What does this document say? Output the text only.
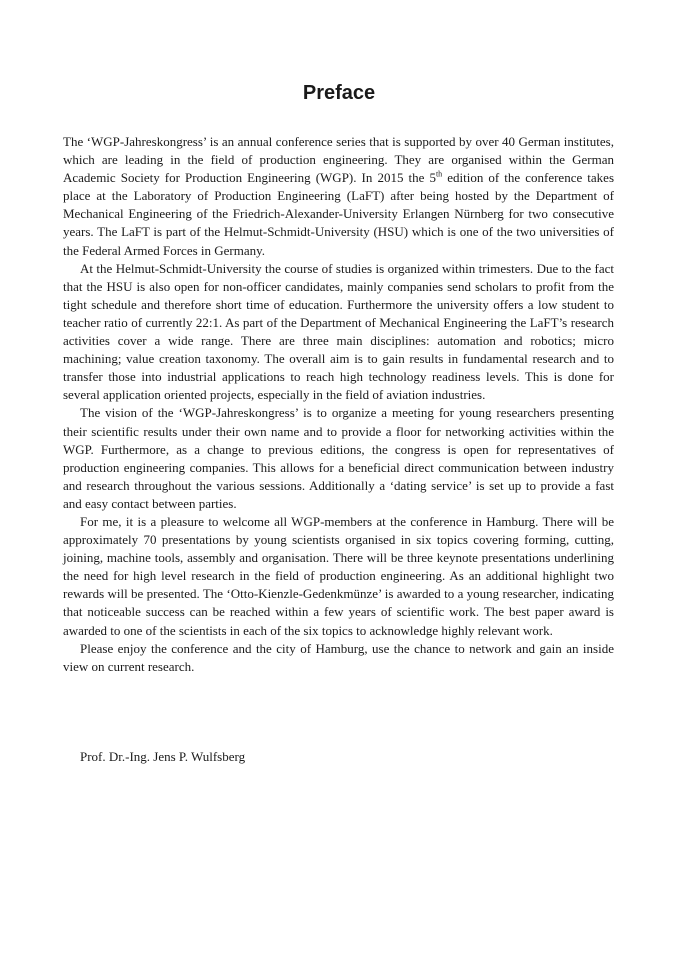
Preface

The ‘WGP-Jahreskongress’ is an annual conference series that is supported by over 40 German institutes, which are leading in the field of production engineering. They are organised within the German Academic Society for Production Engineering (WGP). In 2015 the 5th edition of the conference takes place at the Laboratory of Production Engineering (LaFT) after being hosted by the Department of Mechanical Engineering of the Friedrich-Alexander-University Erlangen Nürnberg for two consecutive years. The LaFT is part of the Helmut-Schmidt-University (HSU) which is one of the two universities of the Federal Armed Forces in Germany.

At the Helmut-Schmidt-University the course of studies is organized within trimesters. Due to the fact that the HSU is also open for non-officer candidates, mainly companies send scholars to profit from the tight schedule and therefore short time of education. Furthermore the university offers a low student to teacher ratio of currently 22:1. As part of the Department of Mechanical Engineering the LaFT’s research activities cover a wide range. There are three main disciplines: automation and robotics; micro machining; value creation taxonomy. The overall aim is to gain results in fundamental research and to transfer those into industrial applications to reach high technology readiness levels. This is done for several application oriented projects, especially in the field of aviation industries.

The vision of the ‘WGP-Jahreskongress’ is to organize a meeting for young researchers presenting their scientific results under their own name and to provide a floor for networking activities within the WGP. Furthermore, as a change to previous editions, the congress is open for representatives of production engineering companies. This allows for a beneficial direct communication between industry and research throughout the various sessions. Additionally a ‘dating service’ is set up to provide a fast and easy contact between parties.

For me, it is a pleasure to welcome all WGP-members at the conference in Hamburg. There will be approximately 70 presentations by young scientists organised in six topics covering forming, cutting, joining, machine tools, assembly and organisation. There will be three keynote presentations underlining the need for high level research in the field of production engineering. As an additional highlight two rewards will be presented. The ‘Otto-Kienzle-Gedenkmünze’ is awarded to a young researcher, indicating that noticeable success can be reached within a few years of scientific work. The best paper award is awarded to one of the scientists in each of the six topics to acknowledge highly relevant work.

Please enjoy the conference and the city of Hamburg, use the chance to network and gain an inside view on current research.

Prof. Dr.-Ing. Jens P. Wulfsberg
